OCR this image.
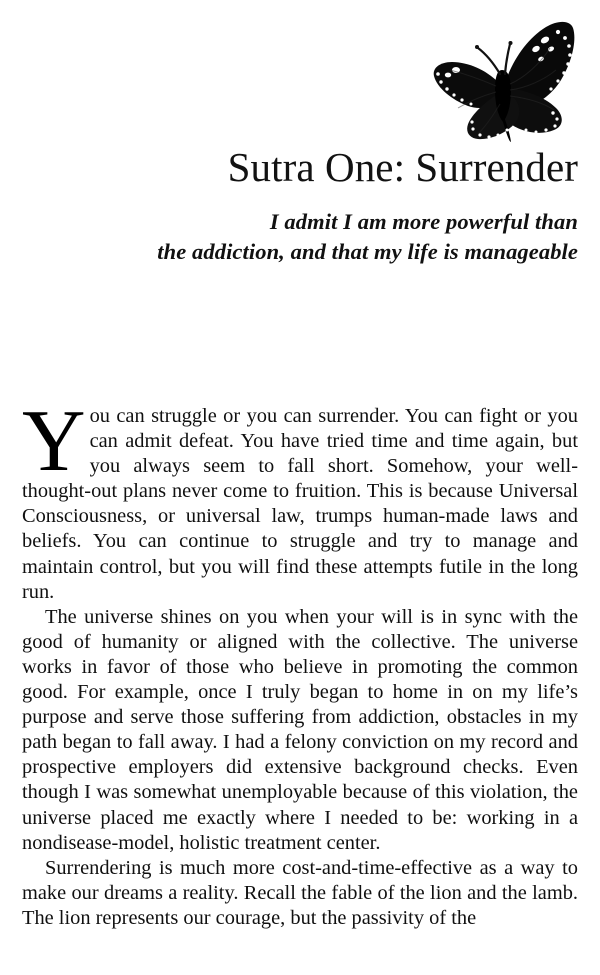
Sutra One: Surrender
I admit I am more powerful than
the addiction, and that my life is manageable

You can struggle or you can surrender. You can fight or you can admit defeat. You have tried time and time again, but you always seem to fall short. Somehow, your well-thought-out plans never come to fruition. This is because Universal Consciousness, or universal law, trumps human-made laws and beliefs. You can continue to struggle and try to manage and maintain control, but you will find these attempts futile in the long run.

The universe shines on you when your will is in sync with the good of humanity or aligned with the collective. The universe works in favor of those who believe in promoting the common good. For example, once I truly began to home in on my life’s purpose and serve those suffering from addiction, obstacles in my path began to fall away. I had a felony conviction on my record and prospective employers did extensive background checks. Even though I was somewhat unemployable because of this violation, the universe placed me exactly where I needed to be: working in a nondisease-model, holistic treatment center.

Surrendering is much more cost-and-time-effective as a way to make our dreams a reality. Recall the fable of the lion and the lamb. The lion represents our courage, but the passivity of the
